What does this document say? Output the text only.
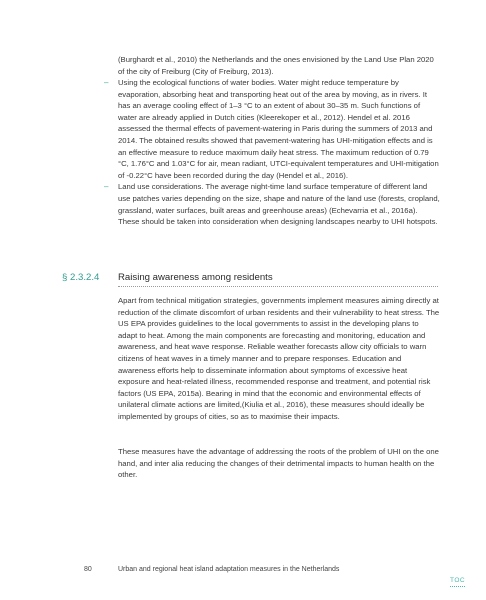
(Burghardt et al., 2010) the Netherlands and the ones envisioned by the Land Use Plan 2020 of the city of Freiburg (City of Freiburg, 2013).
–	Using the ecological functions of water bodies. Water might reduce temperature by evaporation, absorbing heat and transporting heat out of the area by moving, as in rivers. It has an average cooling effect of 1–3 °C to an extent of about 30–35 m. Such functions of water are already applied in Dutch cities (Kleerekoper et al., 2012). Hendel et al. 2016 assessed the thermal effects of pavement-watering in Paris during the summers of 2013 and 2014. The obtained results showed that pavement-watering has UHI-mitigation effects and is an effective measure to reduce maximum daily heat stress. The maximum reduction of 0.79 °C, 1.76°C and 1.03°C for air, mean radiant, UTCI-equivalent temperatures and UHI-mitigation of -0.22°C have been recorded during the day (Hendel et al., 2016).
–	Land use considerations. The average night-time land surface temperature of different land use patches varies depending on the size, shape and nature of the land use (forests, cropland, grassland, water surfaces, built areas and greenhouse areas) (Echevarria et al., 2016a). These should be taken into consideration when designing landscapes nearby to UHI hotspots.
§ 2.3.2.4 Raising awareness among residents
Apart from technical mitigation strategies, governments implement measures aiming directly at reduction of the climate discomfort of urban residents and their vulnerability to heat stress. The US EPA provides guidelines to the local governments to assist in the developing plans to adapt to heat. Among the main components are forecasting and monitoring, education and awareness, and heat wave response. Reliable weather forecasts allow city officials to warn citizens of heat waves in a timely manner and to prepare responses. Education and awareness efforts help to disseminate information about symptoms of excessive heat exposure and heat-related illness, recommended response and treatment, and potential risk factors (US EPA, 2015a). Bearing in mind that the economic and environmental effects of unilateral climate actions are limited,(Kiulia et al., 2016), these measures should ideally be implemented by groups of cities, so as to maximise their impacts.
These measures have the advantage of addressing the roots of the problem of UHI on the one hand, and inter alia reducing the changes of their detrimental impacts to human health on the other.
80	Urban and regional heat island adaptation measures in the Netherlands
TOC
